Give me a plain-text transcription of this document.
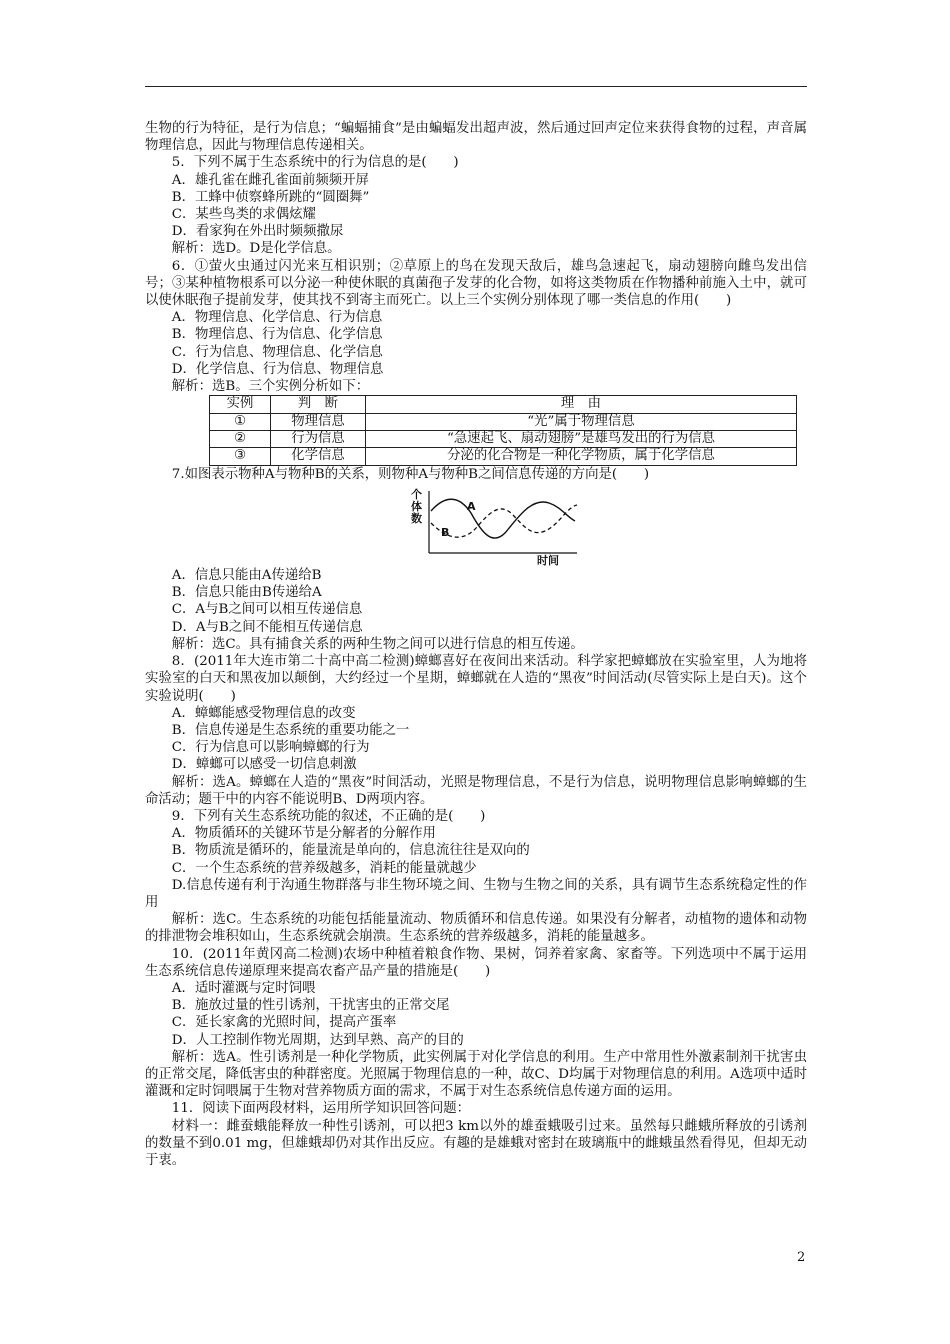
生物的行为特征，是行为信息；“蝙蝠捕食”是由蝙蝠发出超声波，然后通过回声定位来获得食物的过程，声音属物理信息，因此与物理信息传递相关。

5．下列不属于生态系统中的行为信息的是(　　)

A．雄孔雀在雌孔雀面前频频开屏

B．工蜂中侦察蜂所跳的“圆圈舞”

C．某些鸟类的求偶炫耀

D．看家狗在外出时频频撒尿

解析：选D。D是化学信息。

6．①萤火虫通过闪光来互相识别；②草原上的鸟在发现天敌后，雄鸟急速起飞，扇动翅膀向雌鸟发出信号；③某种植物根系可以分泌一种使休眠的真菌孢子发芽的化合物，如将这类物质在作物播种前施入土中，就可以使休眠孢子提前发芽，使其找不到寄主而死亡。以上三个实例分别体现了哪一类信息的作用(　　)

A．物理信息、化学信息、行为信息

B．物理信息、行为信息、化学信息

C．行为信息、物理信息、化学信息

D．化学信息、行为信息、物理信息

解析：选B。三个实例分析如下：

实例	判　断	理　由
①	物理信息	“光”属于物理信息
②	行为信息	“急速起飞、扇动翅膀”是雄鸟发出的行为信息
③	化学信息	分泌的化合物是一种化学物质，属于化学信息

7.如图表示物种A与物种B的关系，则物种A与物种B之间信息传递的方向是(　　)

个体数
A
B
时间

A．信息只能由A传递给B

B．信息只能由B传递给A

C．A与B之间可以相互传递信息

D．A与B之间不能相互传递信息

解析：选C。具有捕食关系的两种生物之间可以进行信息的相互传递。

8．(2011年大连市第二十高中高二检测)蟑螂喜好在夜间出来活动。科学家把蟑螂放在实验室里，人为地将实验室的白天和黑夜加以颠倒，大约经过一个星期，蟑螂就在人造的“黑夜”时间活动(尽管实际上是白天)。这个实验说明(　　)

A．蟑螂能感受物理信息的改变

B．信息传递是生态系统的重要功能之一

C．行为信息可以影响蟑螂的行为

D．蟑螂可以感受一切信息刺激

解析：选A。蟑螂在人造的“黑夜”时间活动，光照是物理信息，不是行为信息，说明物理信息影响蟑螂的生命活动；题干中的内容不能说明B、D两项内容。

9．下列有关生态系统功能的叙述，不正确的是(　　)

A．物质循环的关键环节是分解者的分解作用

B．物质流是循环的，能量流是单向的，信息流往往是双向的

C．一个生态系统的营养级越多，消耗的能量就越少

D.信息传递有利于沟通生物群落与非生物环境之间、生物与生物之间的关系，具有调节生态系统稳定性的作用

解析：选C。生态系统的功能包括能量流动、物质循环和信息传递。如果没有分解者，动植物的遗体和动物的排泄物会堆积如山，生态系统就会崩溃。生态系统的营养级越多，消耗的能量越多。

10．(2011年黄冈高二检测)农场中种植着粮食作物、果树，饲养着家禽、家畜等。下列选项中不属于运用生态系统信息传递原理来提高农畜产品产量的措施是(　　)

A．适时灌溉与定时饲喂

B．施放过量的性引诱剂，干扰害虫的正常交尾

C．延长家禽的光照时间，提高产蛋率

D．人工控制作物光周期，达到早熟、高产的目的

解析：选A。性引诱剂是一种化学物质，此实例属于对化学信息的利用。生产中常用性外激素制剂干扰害虫的正常交尾，降低害虫的种群密度。光照属于物理信息的一种，故C、D均属于对物理信息的利用。A选项中适时灌溉和定时饲喂属于生物对营养物质方面的需求，不属于对生态系统信息传递方面的运用。

11．阅读下面两段材料，运用所学知识回答问题：

材料一：雌蚕蛾能释放一种性引诱剂，可以把3 km以外的雄蚕蛾吸引过来。虽然每只雌蛾所释放的引诱剂的数量不到0.01 mg，但雄蛾却仍对其作出反应。有趣的是雄蛾对密封在玻璃瓶中的雌蛾虽然看得见，但却无动于衷。

2
